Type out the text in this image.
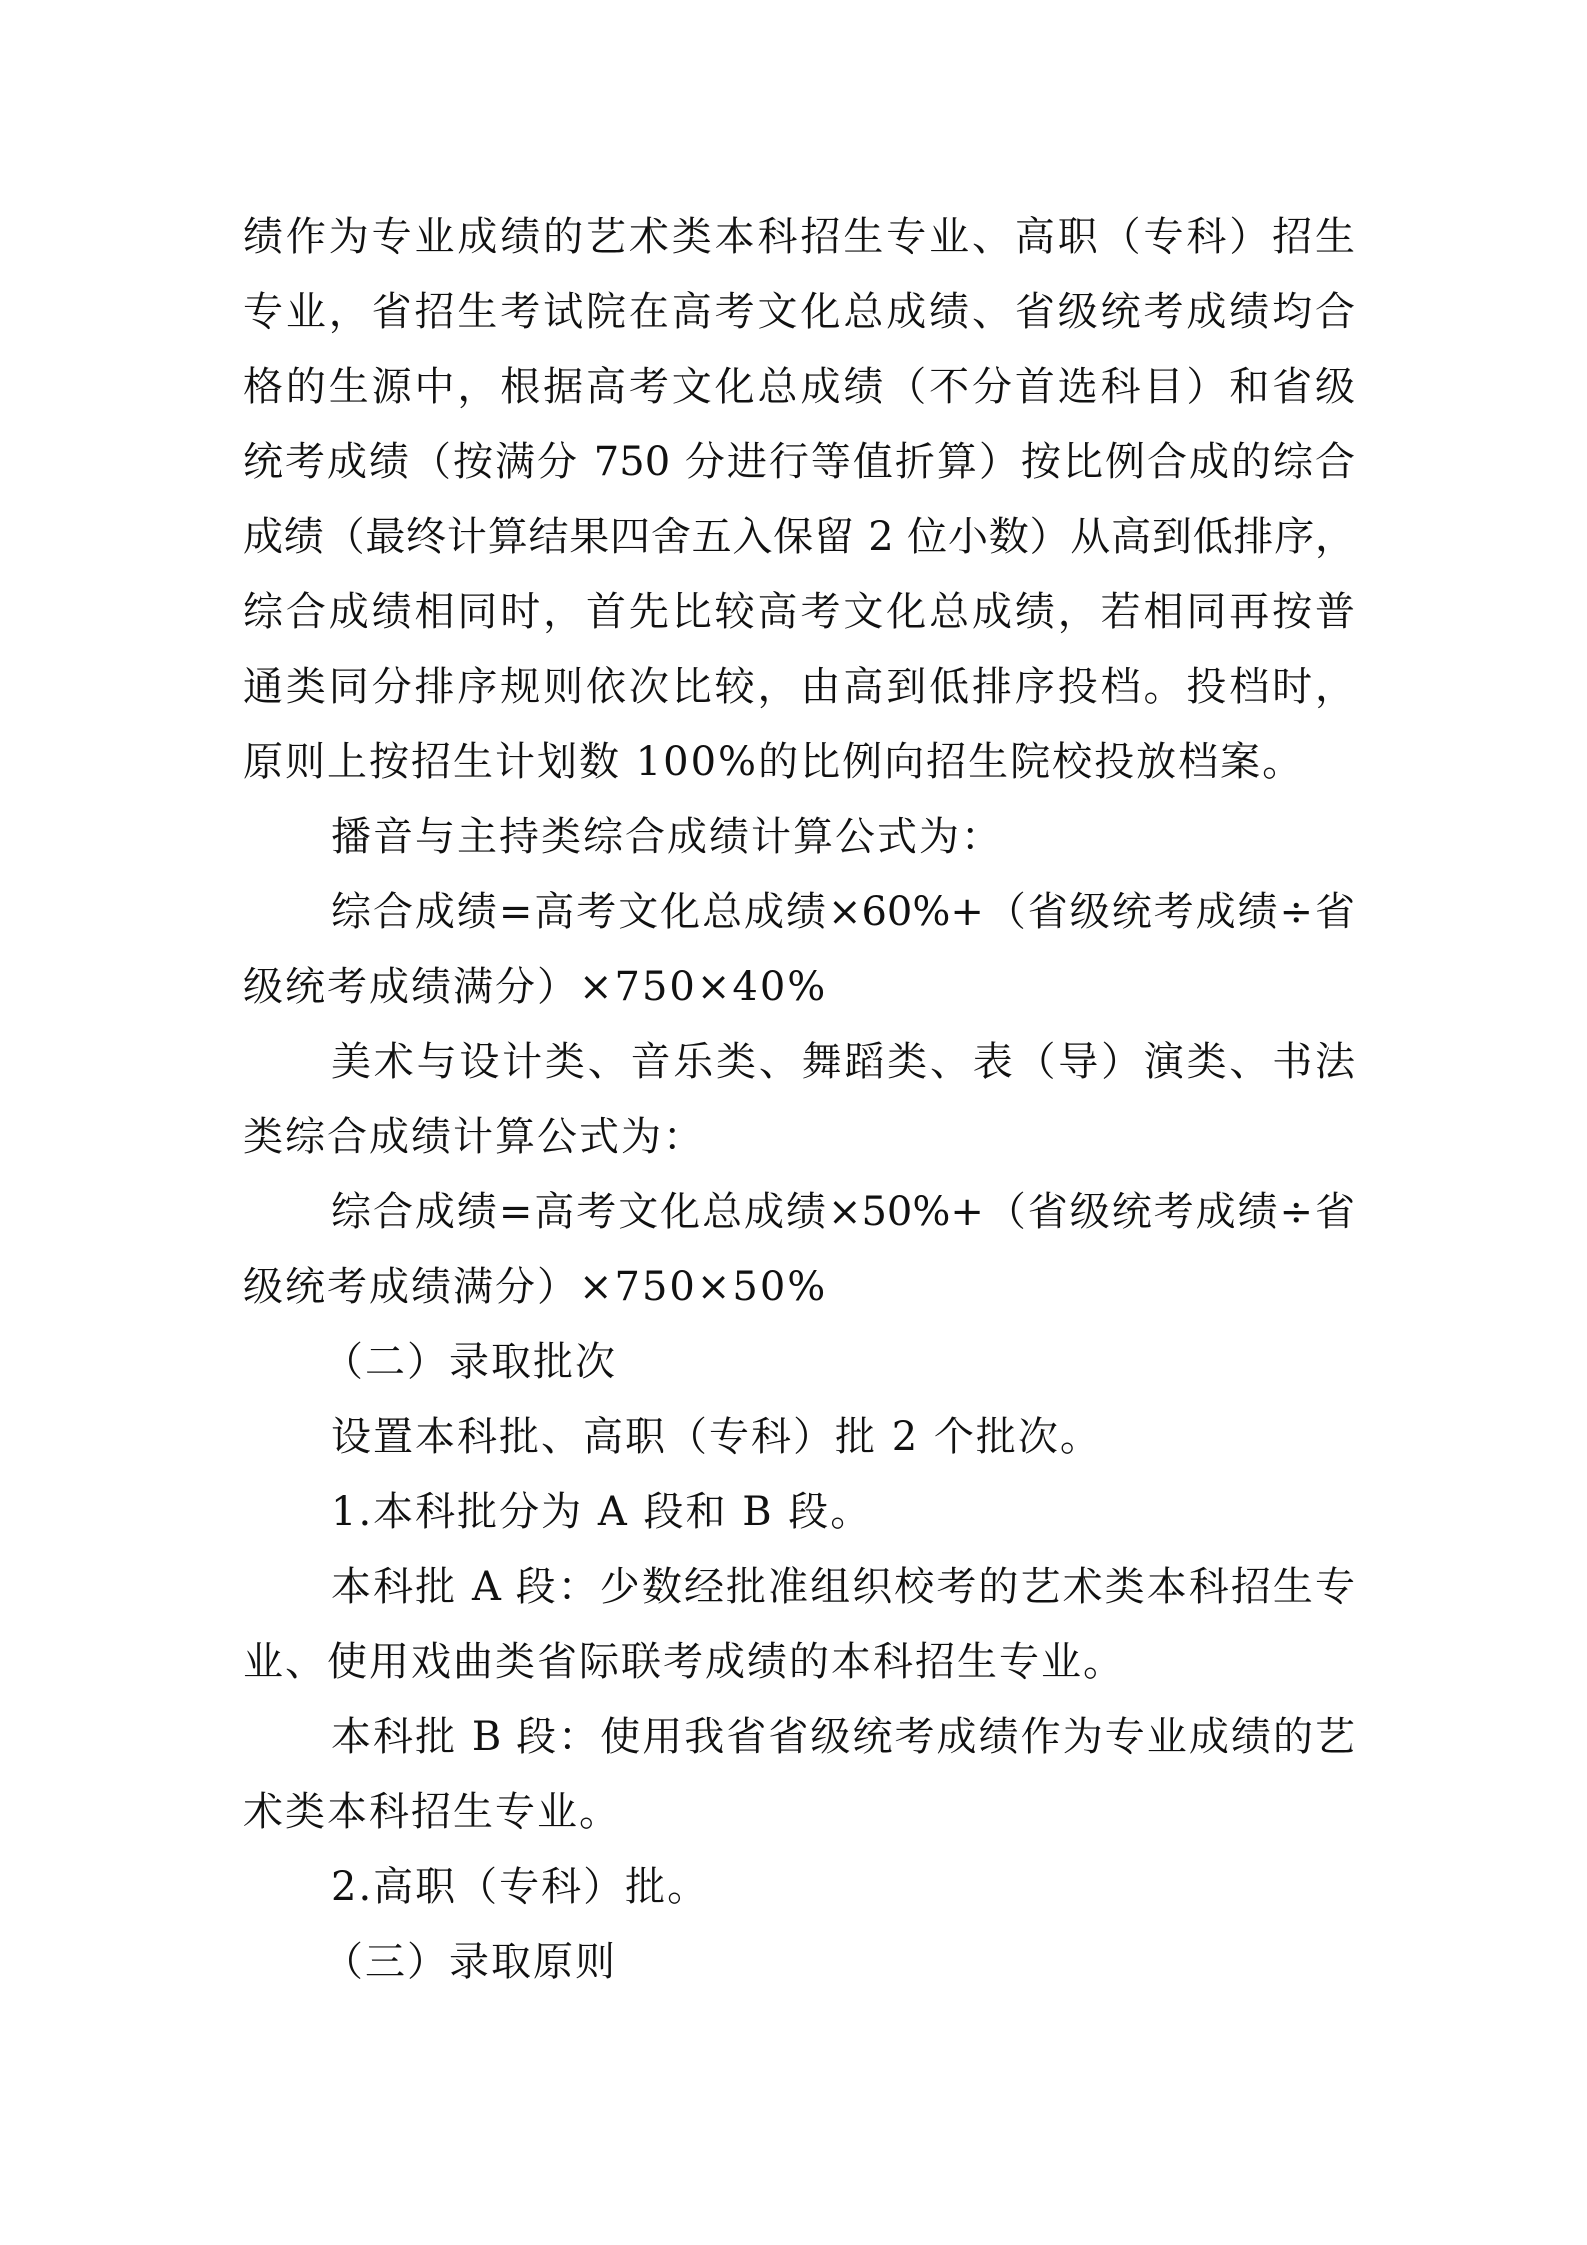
绩作为专业成绩的艺术类本科招生专业、高职（专科）招生
专业，省招生考试院在高考文化总成绩、省级统考成绩均合
格的生源中，根据高考文化总成绩（不分首选科目）和省级
统考成绩（按满分 750 分进行等值折算）按比例合成的综合
成绩（最终计算结果四舍五入保留 2 位小数）从高到低排序，
综合成绩相同时，首先比较高考文化总成绩，若相同再按普
通类同分排序规则依次比较，由高到低排序投档。投档时，
原则上按招生计划数 100%的比例向招生院校投放档案。
播音与主持类综合成绩计算公式为：
综合成绩=高考文化总成绩×60%+（省级统考成绩÷省
级统考成绩满分）×750×40%
美术与设计类、音乐类、舞蹈类、表（导）演类、书法
类综合成绩计算公式为：
综合成绩=高考文化总成绩×50%+（省级统考成绩÷省
级统考成绩满分）×750×50%
（二）录取批次
设置本科批、高职（专科）批 2 个批次。
1.本科批分为 A 段和 B 段。
本科批 A 段：少数经批准组织校考的艺术类本科招生专
业、使用戏曲类省际联考成绩的本科招生专业。
本科批 B 段：使用我省省级统考成绩作为专业成绩的艺
术类本科招生专业。
2.高职（专科）批。
（三）录取原则
